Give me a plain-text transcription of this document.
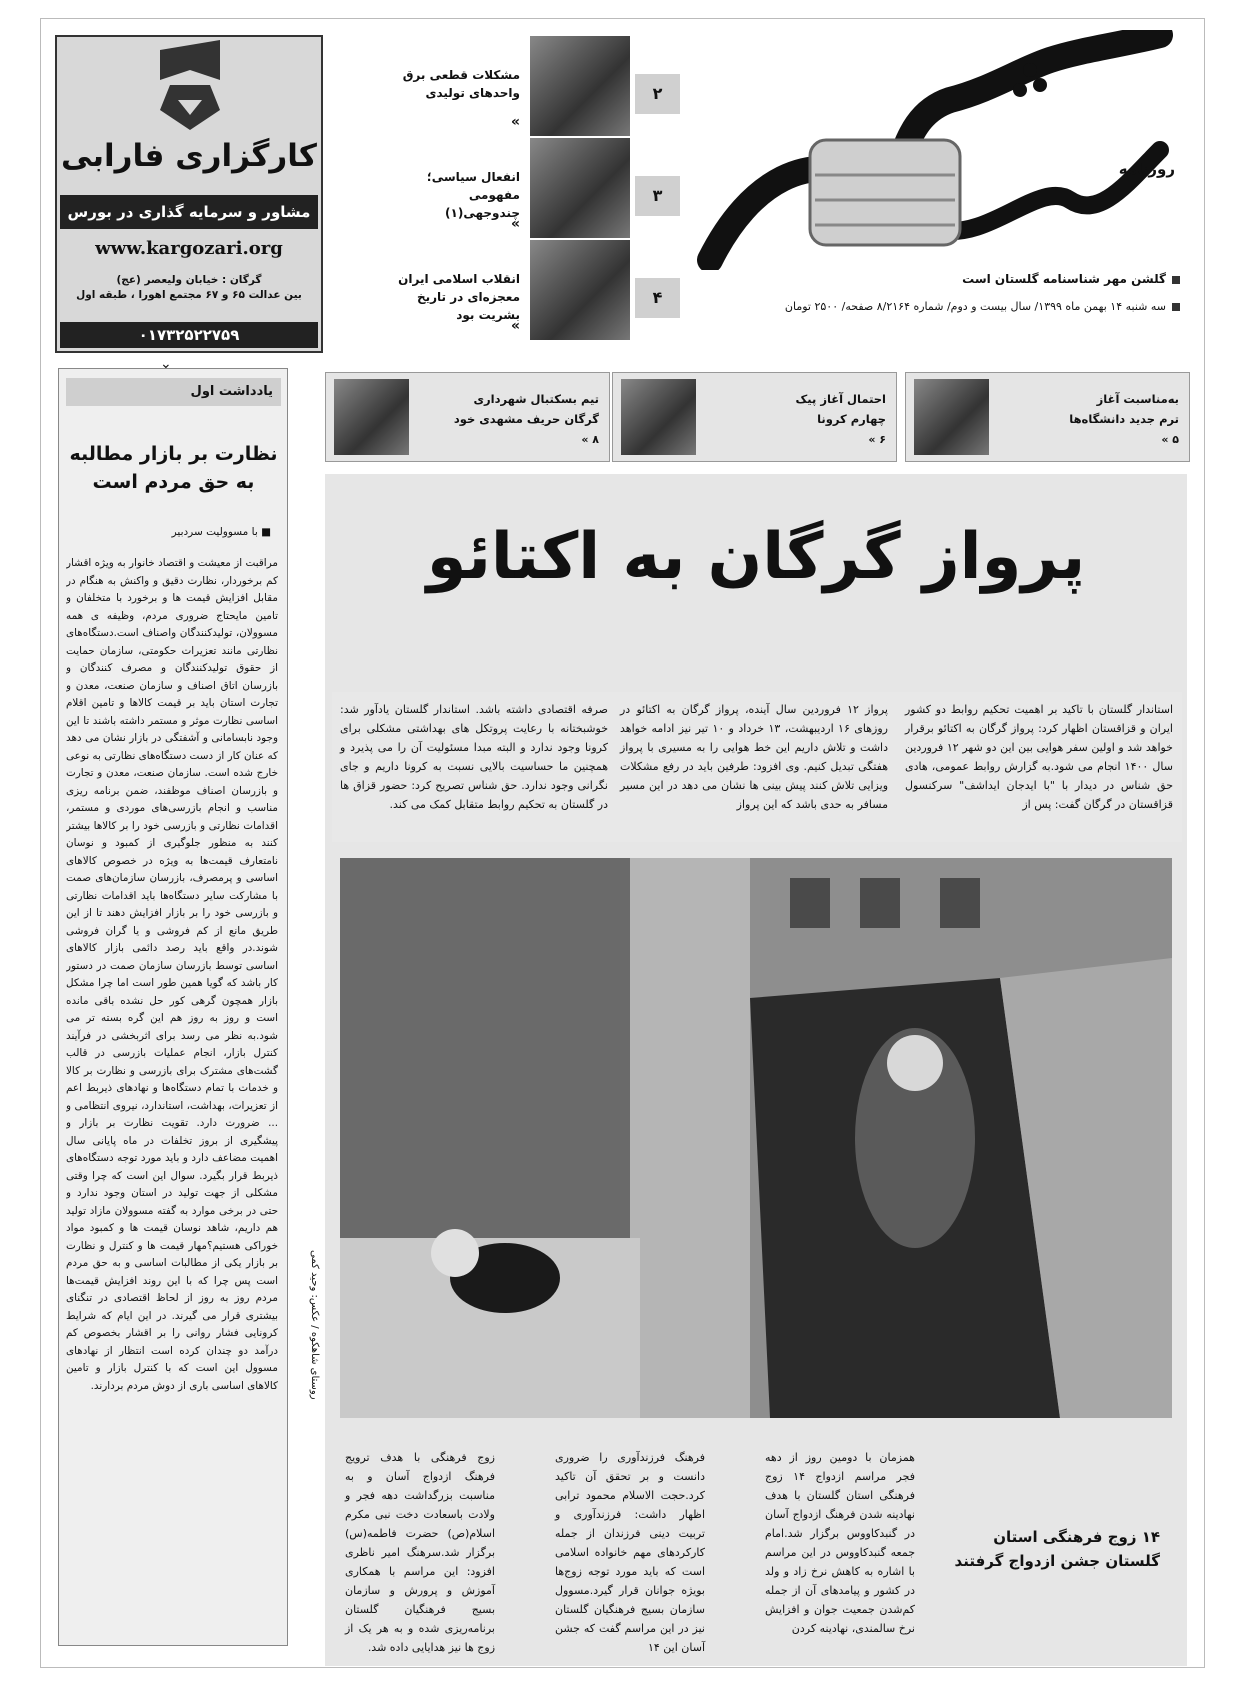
روزنامه
گلشن مهر شناسنامه گلستان است
سه شنبه ۱۴ بهمن ماه ۱۳۹۹/ سال بیست و دوم/ شماره ۸/۲۱۶۴ صفحه/ ۲۵۰۰ تومان
۲
مشکلات قطعی برق
واحدهای تولیدی
«
۳
انفعال سیاسی؛
مفهومی چندوجهی(۱)
«
۴
انقلاب اسلامی ایران
معجزه‌ای در تاریخ بشریت بود
«
کارگزاری فارابی
مشاور و سرمایه گذاری در بورس
www.kargozari.org
گرگان : خیابان ولیعصر (عج)
بین عدالت ۶۵ و ۶۷ مجتمع اهورا ، طبقه اول
۰۱۷۳۲۵۲۲۷۵۹
⌄
یادداشت اول
نظارت بر بازار مطالبه به حق مردم است
■ با مسوولیت سردبیر
مراقبت از معیشت و اقتصاد خانوار به ویژه اقشار کم برخوردار، نظارت دقیق و واکنش به هنگام در مقابل افزایش قیمت ها و برخورد با متخلفان و تامین مایحتاج ضروری مردم، وظیفه ی همه مسوولان، تولیدکنندگان واصناف است.دستگاه‌های نظارتی مانند تعزیرات حکومتی، سازمان حمایت از حقوق تولیدکنندگان و مصرف کنندگان و بازرسان اتاق اصناف و سازمان صنعت، معدن و تجارت استان باید بر قیمت کالاها و تامین اقلام اساسی نظارت موثر و مستمر داشته باشند تا این وجود نابسامانی و آشفتگی در بازار نشان می دهد که عنان کار از دست دستگاه‌های نظارتی به نوعی خارج شده است. سازمان صنعت، معدن و تجارت و بازرسان اصناف موظفند، ضمن برنامه ریزی مناسب و انجام بازرسی‌های موردی و مستمر، اقدامات نظارتی و بازرسی خود را بر کالاها بیشتر کنند به منظور جلوگیری از کمبود و نوسان نامتعارف قیمت‌ها به ویژه در خصوص کالاهای اساسی و پرمصرف، بازرسان سازمان‌های صمت با مشارکت سایر دستگاه‌ها باید اقدامات نظارتی و بازرسی خود را بر بازار افزایش دهند تا از این طریق مانع از کم فروشی و یا گران فروشی شوند.در واقع باید رصد دائمی بازار کالاهای اساسی توسط بازرسان سازمان صمت در دستور کار باشد که گویا همین طور است اما چرا مشکل بازار همچون گرهی کور حل نشده باقی مانده است و روز به روز هم این گره بسته تر می شود.به نظر می رسد برای اثربخشی در فرآیند کنترل بازار، انجام عملیات بازرسی در قالب گشت‌های مشترک برای بازرسی و نظارت بر کالا و خدمات با تمام دستگاه‌ها و نهادهای ذیربط اعم از تعزیرات، بهداشت، استاندارد، نیروی انتظامی و ... ضرورت دارد. تقویت نظارت بر بازار و پیشگیری از بروز تخلفات در ماه پایانی سال اهمیت مضاعف دارد و باید مورد توجه دستگاه‌های ذیربط قرار بگیرد. سوال این است که چرا وقتی مشکلی از جهت تولید در استان وجود ندارد و حتی در برخی موارد به گفته مسوولان مازاد تولید هم داریم، شاهد نوسان قیمت ها و کمبود مواد خوراکی هستیم؟مهار قیمت ها و کنترل و نظارت بر بازار یکی از مطالبات اساسی و به حق مردم است پس چرا که با این روند افزایش قیمت‌ها مردم روز به روز از لحاظ اقتصادی در تنگنای بیشتری قرار می گیرند. در این ایام که شرایط کرونایی فشار روانی را بر اقشار بخصوص کم درآمد دو چندان کرده است انتظار از نهادهای مسوول این است که با کنترل بازار و تامین کالاهای اساسی باری از دوش مردم بردارند.
به‌مناسبت آغاز
ترم جدید دانشگاه‌ها
« ۵
احتمال آغاز پیک
چهارم کرونا
« ۶
تیم بسکتبال شهرداری
گرگان حریف مشهدی خود
« ۸
پرواز گرگان به اکتائو
استاندار گلستان با تاکید بر اهمیت تحکیم روابط دو کشور ایران و قزاقستان اظهار کرد: پرواز گرگان به اکتائو برقرار خواهد شد و اولین سفر هوایی بین این دو شهر ۱۲ فروردین سال ۱۴۰۰ انجام می شود.به گزارش روابط عمومی، هادی حق شناس در دیدار با "با ایدجان ایداشف" سرکنسول قزاقستان در گرگان گفت: پس از
پرواز ۱۲ فروردین سال آینده، پرواز گرگان به اکتائو در روزهای ۱۶ اردیبهشت، ۱۳ خرداد و ۱۰ تیر نیز ادامه خواهد داشت و تلاش داریم این خط هوایی را به مسیری با پرواز هفتگی تبدیل کنیم. وی افزود: طرفین باید در رفع مشکلات ویزایی تلاش کنند پیش بینی ها نشان می دهد در این مسیر مسافر به حدی باشد که این پرواز
صرفه اقتصادی داشته باشد. استاندار گلستان یادآور شد: خوشبختانه با رعایت پروتکل های بهداشتی مشکلی برای کرونا وجود ندارد و البته مبدا مسئولیت آن را می پذیرد و همچنین ما حساسیت بالایی نسبت به کرونا داریم و جای نگرانی وجود ندارد. حق شناس تصریح کرد: حضور قزاق ها در گلستان به تحکیم روابط متقابل کمک می کند.
روستای شاهکوه / عکس: وحید کمی
۱۴ زوج فرهنگی استان گلستان جشن ازدواج گرفتند
همزمان با دومین روز از دهه فجر مراسم ازدواج ۱۴ زوج فرهنگی استان گلستان با هدف نهادینه شدن فرهنگ ازدواج آسان در گنبدکاووس برگزار شد.امام جمعه گنبدکاووس در این مراسم با اشاره به کاهش نرخ زاد و ولد در کشور و پیامدهای آن از جمله کم‌شدن جمعیت جوان و افزایش نرخ سالمندی، نهادینه کردن
فرهنگ فرزندآوری را ضروری دانست و بر تحقق آن تاکید کرد.حجت الاسلام محمود ترابی اظهار داشت: فرزندآوری و تربیت دینی فرزندان از جمله کارکردهای مهم خانواده اسلامی است که باید مورد توجه زوج‌ها بویژه جوانان قرار گیرد.مسوول سازمان بسیج فرهنگیان گلستان نیز در این مراسم گفت که جشن آسان این ۱۴
زوج فرهنگی با هدف ترویج فرهنگ ازدواج آسان و به مناسبت بزرگداشت دهه فجر و ولادت باسعادت دخت نبی مکرم اسلام(ص) حضرت فاطمه(س) برگزار شد.سرهنگ امیر ناظری افزود: این مراسم با همکاری آموزش و پرورش و سازمان بسیج فرهنگیان گلستان برنامه‌ریزی شده و به هر یک از زوج ها نیز هدایایی داده شد.
